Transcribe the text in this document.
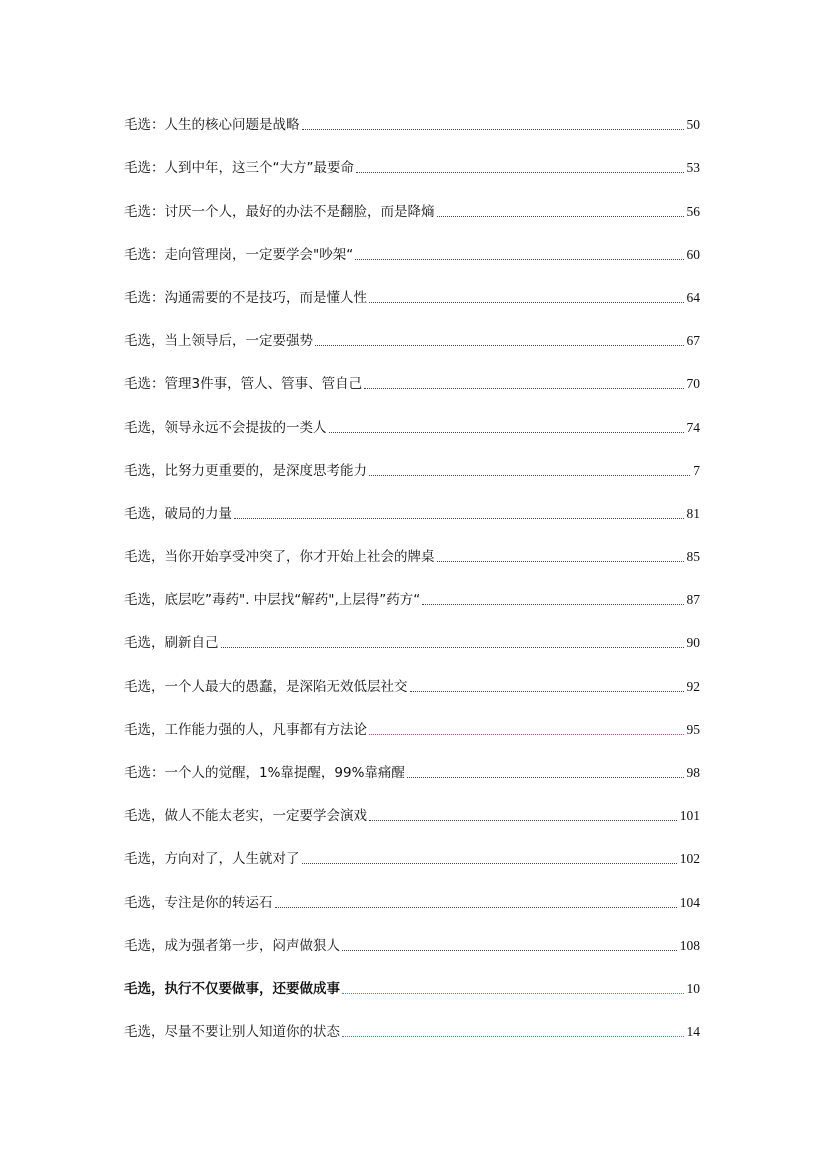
毛选：人生的核心问题是战略	50
毛选：人到中年，这三个“大方”最要命	53
毛选：讨厌一个人，最好的办法不是翻脸，而是降熵	56
毛选：走向管理岗，一定要学会"吵架“	60
毛选：沟通需要的不是技巧，而是懂人性	64
毛选，当上领导后，一定要强势	67
毛选：管理3件事，管人、管事、管自己	70
毛选，领导永远不会提拔的一类人	74
毛选，比努力更重要的，是深度思考能力	7
毛选，破局的力量	81
毛选，当你开始享受冲突了，你才开始上社会的牌桌	85
毛选，底层吃”毒药". 中层找“解药",上层得”药方“	87
毛选，刷新自己	90
毛选，一个人最大的愚蠢，是深陷无效低层社交	92
毛选，工作能力强的人，凡事都有方法论	95
毛选：一个人的觉醒，1%靠提醒，99%靠痛醒	98
毛选，做人不能太老实，一定要学会演戏	101
毛选，方向对了，人生就对了	102
毛选，专注是你的转运石	104
毛选，成为强者第一步，闷声做狠人	108
毛选，执行不仅要做事，还要做成事	10
毛选，尽量不要让别人知道你的状态	14
